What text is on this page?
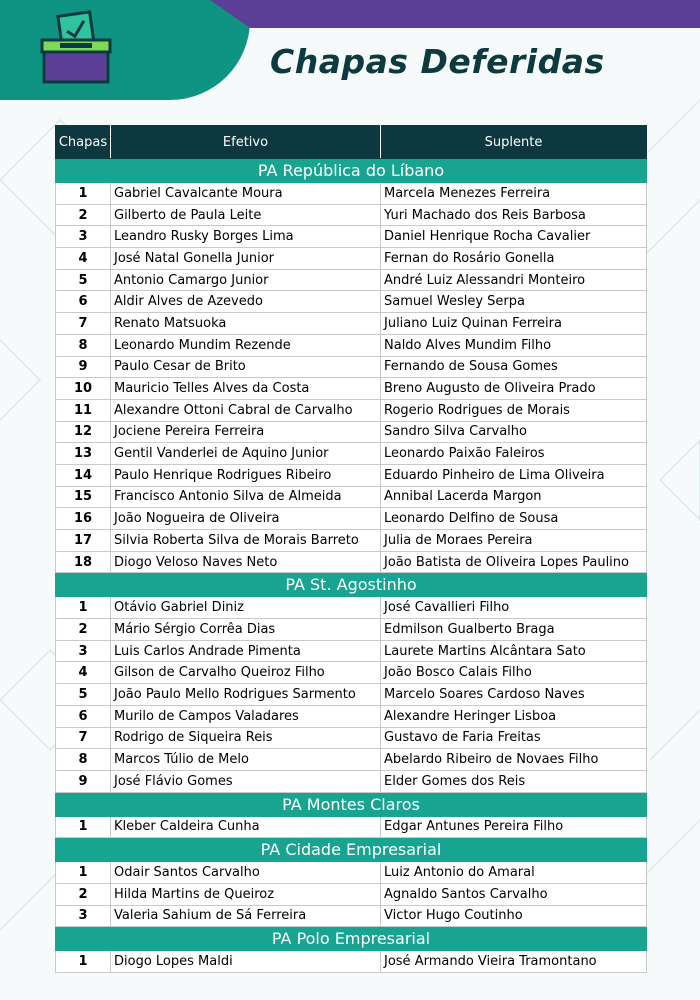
Chapas Deferidas
Chapas	Efetivo	Suplente
PA República do Líbano		
1	Gabriel Cavalcante Moura	Marcela Menezes Ferreira
2	Gilberto de Paula Leite	Yuri Machado dos Reis Barbosa
3	Leandro Rusky Borges Lima	Daniel Henrique Rocha Cavalier
4	José Natal Gonella Junior	Fernan do Rosário Gonella
5	Antonio Camargo Junior	André Luiz Alessandri Monteiro
6	Aldir Alves de Azevedo	Samuel Wesley Serpa
7	Renato Matsuoka	Juliano Luiz Quinan Ferreira
8	Leonardo Mundim Rezende	Naldo Alves Mundim Filho
9	Paulo Cesar de Brito	Fernando de Sousa Gomes
10	Mauricio Telles Alves da Costa	Breno Augusto de Oliveira Prado
11	Alexandre Ottoni Cabral de Carvalho	Rogerio Rodrigues de Morais
12	Jociene Pereira Ferreira	Sandro Silva Carvalho
13	Gentil Vanderlei de Aquino Junior	Leonardo Paixão Faleiros
14	Paulo Henrique Rodrigues Ribeiro	Eduardo Pinheiro de Lima Oliveira
15	Francisco Antonio Silva de Almeida	Annibal Lacerda Margon
16	João Nogueira de Oliveira	Leonardo Delfino de Sousa
17	Silvia Roberta Silva de Morais Barreto	Julia de Moraes Pereira
18	Diogo Veloso Naves Neto	João Batista de Oliveira Lopes Paulino
PA St. Agostinho		
1	Otávio Gabriel Diniz	José Cavallieri Filho
2	Mário Sérgio Corrêa Dias	Edmilson Gualberto Braga
3	Luis Carlos Andrade Pimenta	Laurete Martins Alcântara Sato
4	Gilson de Carvalho Queiroz Filho	João Bosco Calais Filho
5	João Paulo Mello Rodrigues Sarmento	Marcelo Soares Cardoso Naves
6	Murilo de Campos Valadares	Alexandre Heringer Lisboa
7	Rodrigo de Siqueira Reis	Gustavo de Faria Freitas
8	Marcos Túlio de Melo	Abelardo Ribeiro de Novaes Filho
9	José Flávio Gomes	Elder Gomes dos Reis
PA Montes Claros		
1	Kleber Caldeira Cunha	Edgar Antunes Pereira Filho
PA Cidade Empresarial		
1	Odair Santos Carvalho	Luiz Antonio do Amaral
2	Hilda Martins de Queiroz	Agnaldo Santos Carvalho
3	Valeria Sahium de Sá Ferreira	Victor Hugo Coutinho
PA Polo Empresarial		
1	Diogo Lopes Maldi	José Armando Vieira Tramontano
